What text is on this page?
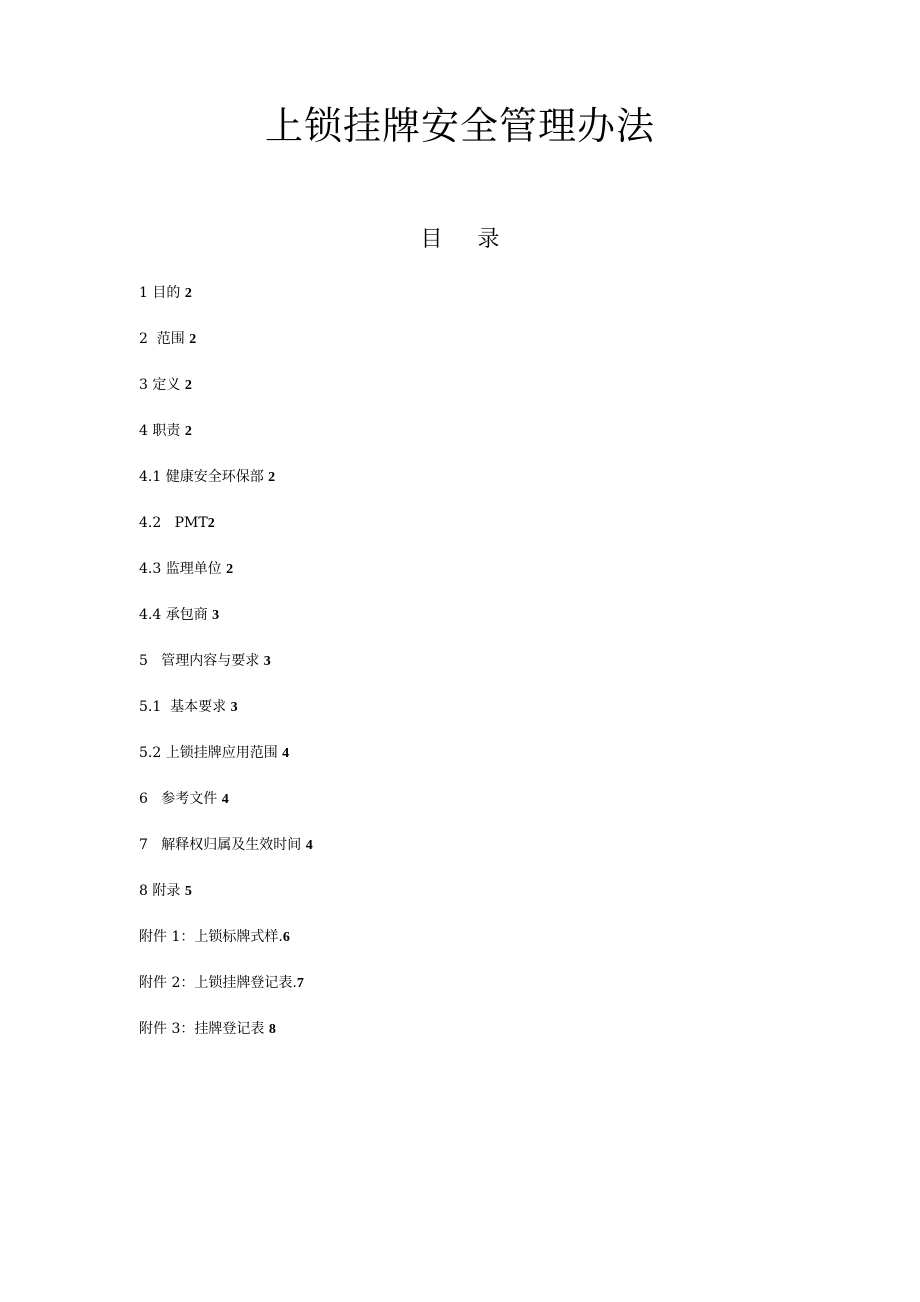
上锁挂牌安全管理办法
目 录
1 目的 2
2  范围 2
3 定义 2
4 职责 2
4.1 健康安全环保部 2
4.2   PMT2
4.3 监理单位 2
4.4 承包商 3
5   管理内容与要求 3
5.1  基本要求 3
5.2 上锁挂牌应用范围 4
6   参考文件 4
7   解释权归属及生效时间 4
8 附录 5
附件 1：上锁标牌式样.6
附件 2：上锁挂牌登记表.7
附件 3：挂牌登记表 8
